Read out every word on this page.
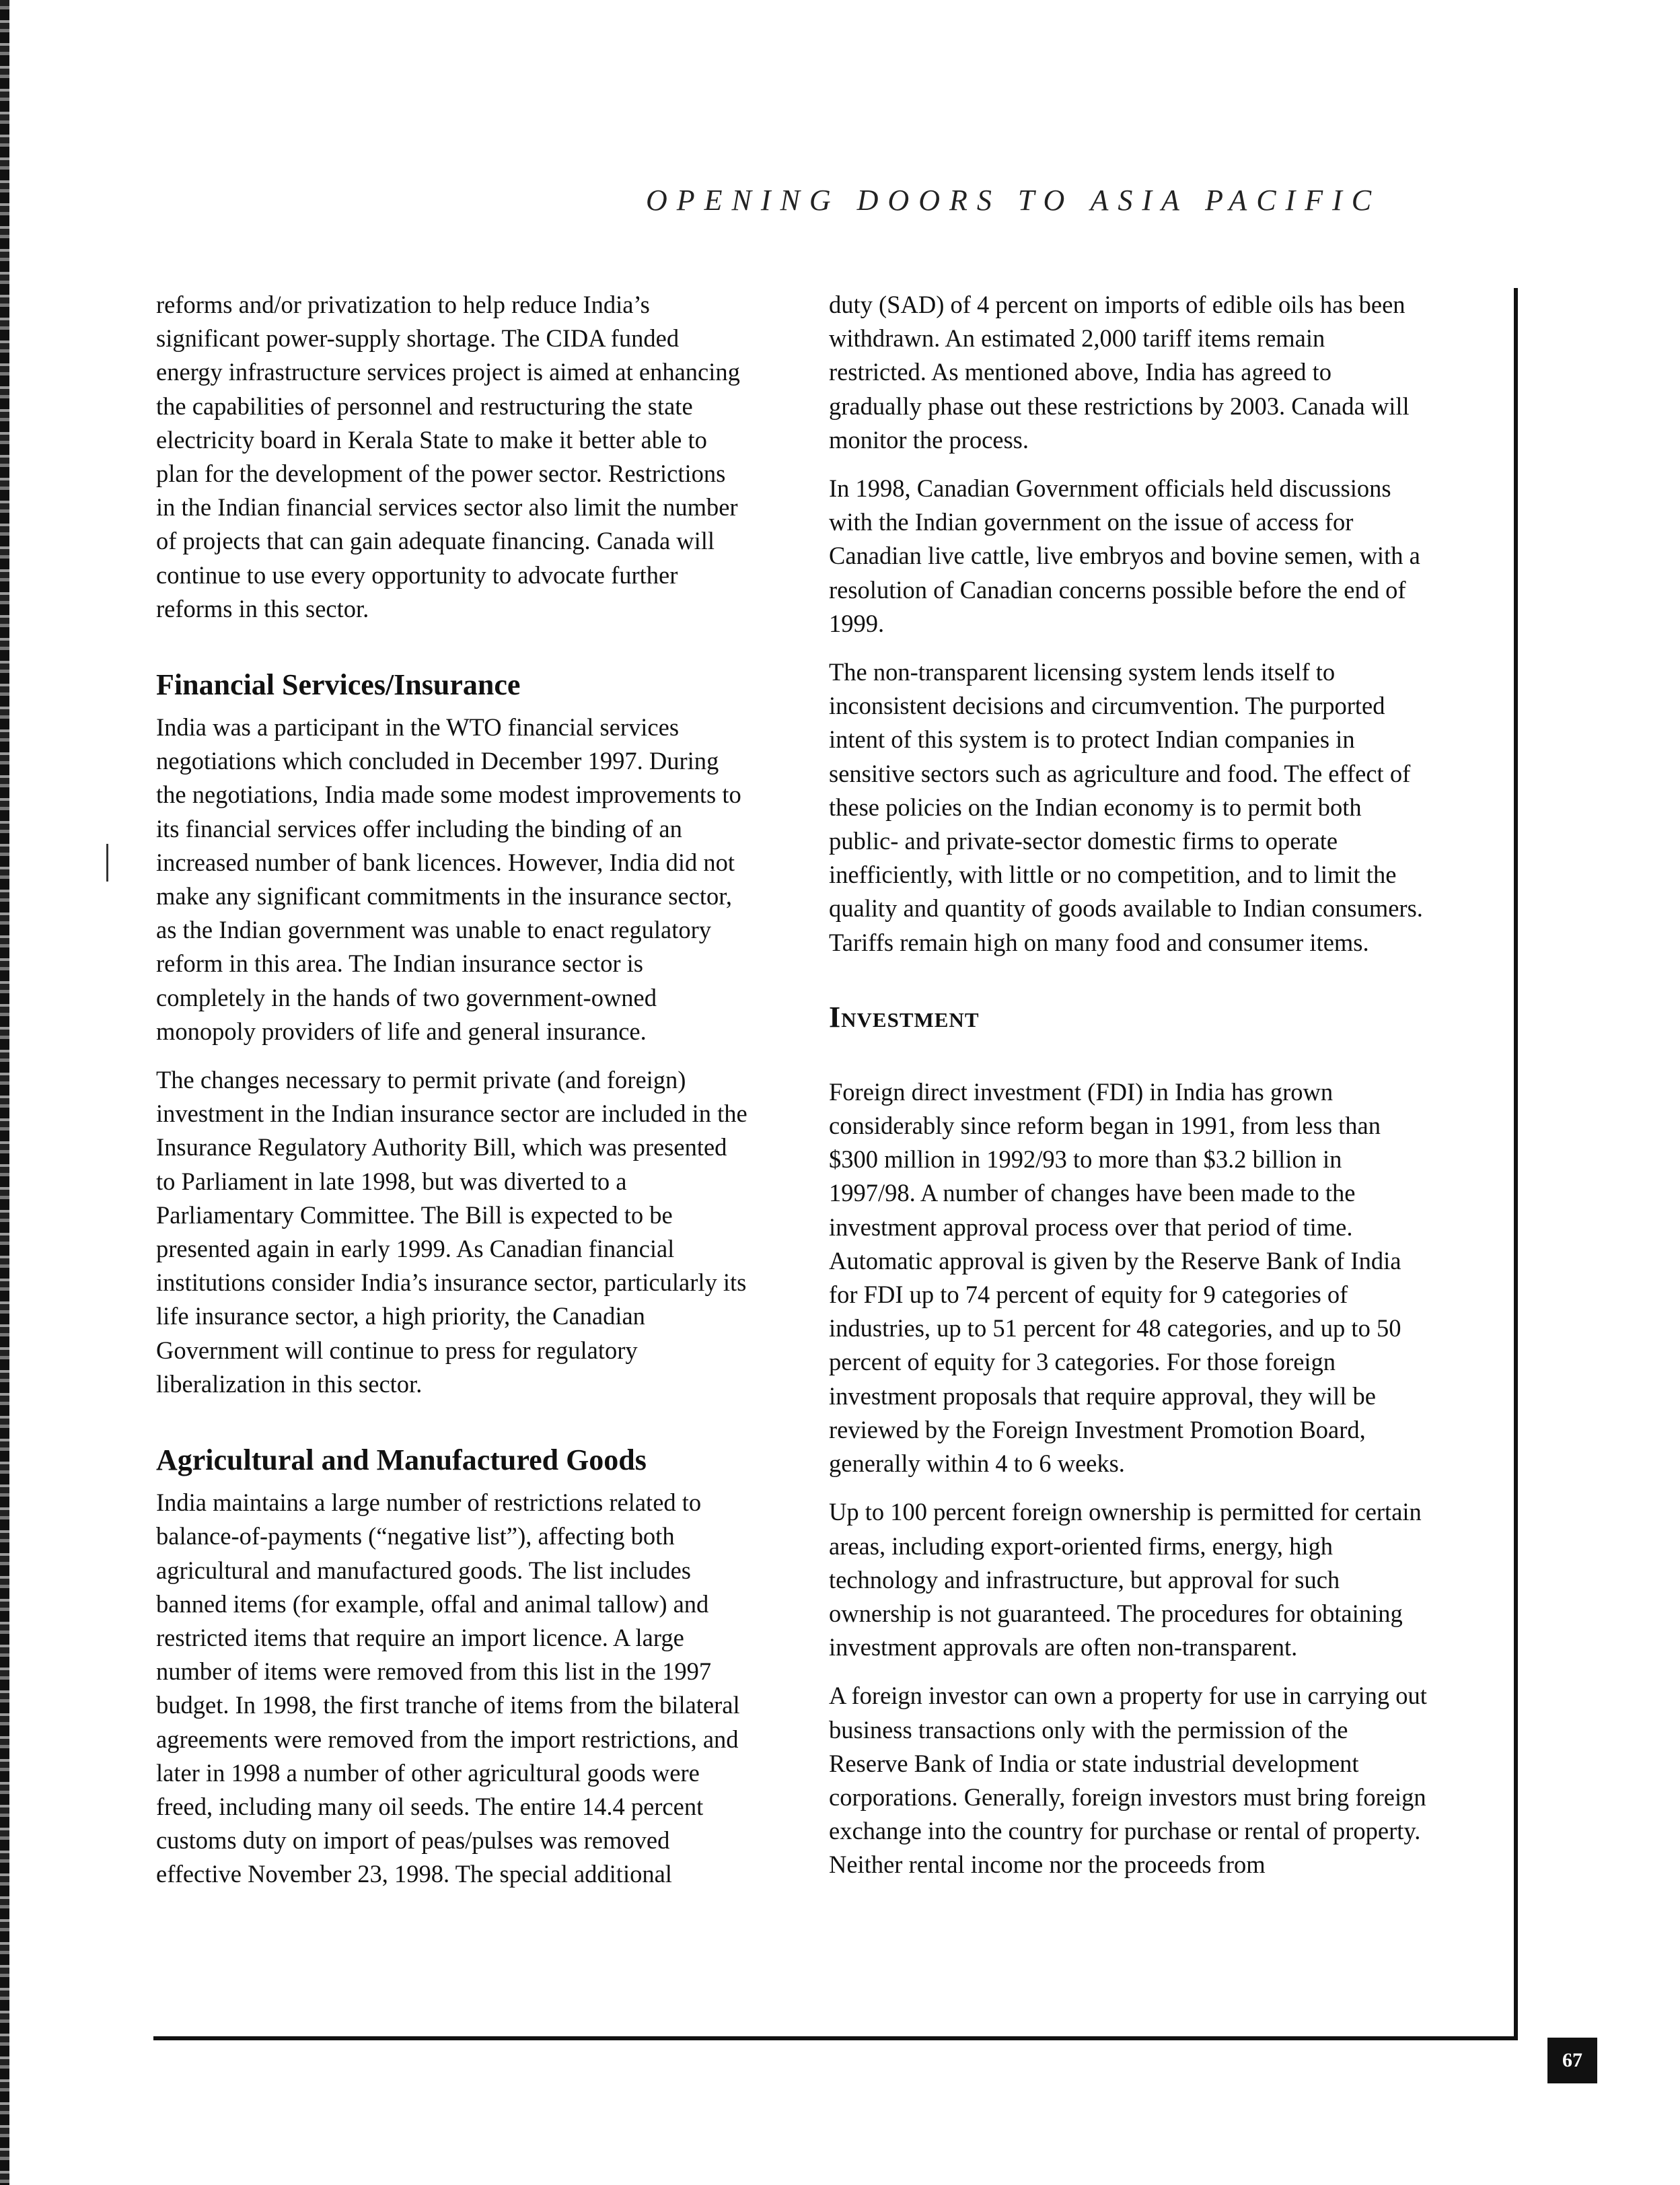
OPENING DOORS TO ASIA PACIFIC

reforms and/or privatization to help reduce India’s significant power-supply shortage. The CIDA funded energy infrastructure services project is aimed at enhancing the capabilities of personnel and restructuring the state electricity board in Kerala State to make it better able to plan for the development of the power sector. Restrictions in the Indian financial services sector also limit the number of projects that can gain adequate financing. Canada will continue to use every opportunity to advocate further reforms in this sector.

Financial Services/Insurance

India was a participant in the WTO financial services negotiations which concluded in December 1997. During the negotiations, India made some modest improvements to its financial services offer including the binding of an increased number of bank licences. However, India did not make any significant commitments in the insurance sector, as the Indian government was unable to enact regulatory reform in this area. The Indian insurance sector is completely in the hands of two government-owned monopoly providers of life and general insurance.

The changes necessary to permit private (and foreign) investment in the Indian insurance sector are included in the Insurance Regulatory Authority Bill, which was presented to Parliament in late 1998, but was diverted to a Parliamentary Committee. The Bill is expected to be presented again in early 1999. As Canadian financial institutions consider India’s insurance sector, particularly its life insurance sector, a high priority, the Canadian Government will continue to press for regulatory liberalization in this sector.

Agricultural and Manufactured Goods

India maintains a large number of restrictions related to balance-of-payments (“negative list”), affecting both agricultural and manufactured goods. The list includes banned items (for example, offal and animal tallow) and restricted items that require an import licence. A large number of items were removed from this list in the 1997 budget. In 1998, the first tranche of items from the bilateral agreements were removed from the import restrictions, and later in 1998 a number of other agricultural goods were freed, including many oil seeds. The entire 14.4 percent customs duty on import of peas/pulses was removed effective November 23, 1998. The special additional

duty (SAD) of 4 percent on imports of edible oils has been withdrawn. An estimated 2,000 tariff items remain restricted. As mentioned above, India has agreed to gradually phase out these restrictions by 2003. Canada will monitor the process.

In 1998, Canadian Government officials held discussions with the Indian government on the issue of access for Canadian live cattle, live embryos and bovine semen, with a resolution of Canadian concerns possible before the end of 1999.

The non-transparent licensing system lends itself to inconsistent decisions and circumvention. The purported intent of this system is to protect Indian companies in sensitive sectors such as agriculture and food. The effect of these policies on the Indian economy is to permit both public- and private-sector domestic firms to operate inefficiently, with little or no competition, and to limit the quality and quantity of goods available to Indian consumers. Tariffs remain high on many food and consumer items.

Investment

Foreign direct investment (FDI) in India has grown considerably since reform began in 1991, from less than $300 million in 1992/93 to more than $3.2 billion in 1997/98. A number of changes have been made to the investment approval process over that period of time. Automatic approval is given by the Reserve Bank of India for FDI up to 74 percent of equity for 9 categories of industries, up to 51 percent for 48 categories, and up to 50 percent of equity for 3 categories. For those foreign investment proposals that require approval, they will be reviewed by the Foreign Investment Promotion Board, generally within 4 to 6 weeks.

Up to 100 percent foreign ownership is permitted for certain areas, including export-oriented firms, energy, high technology and infrastructure, but approval for such ownership is not guaranteed. The procedures for obtaining investment approvals are often non-transparent.

A foreign investor can own a property for use in carrying out business transactions only with the permission of the Reserve Bank of India or state industrial development corporations. Generally, foreign investors must bring foreign exchange into the country for purchase or rental of property. Neither rental income nor the proceeds from

67
